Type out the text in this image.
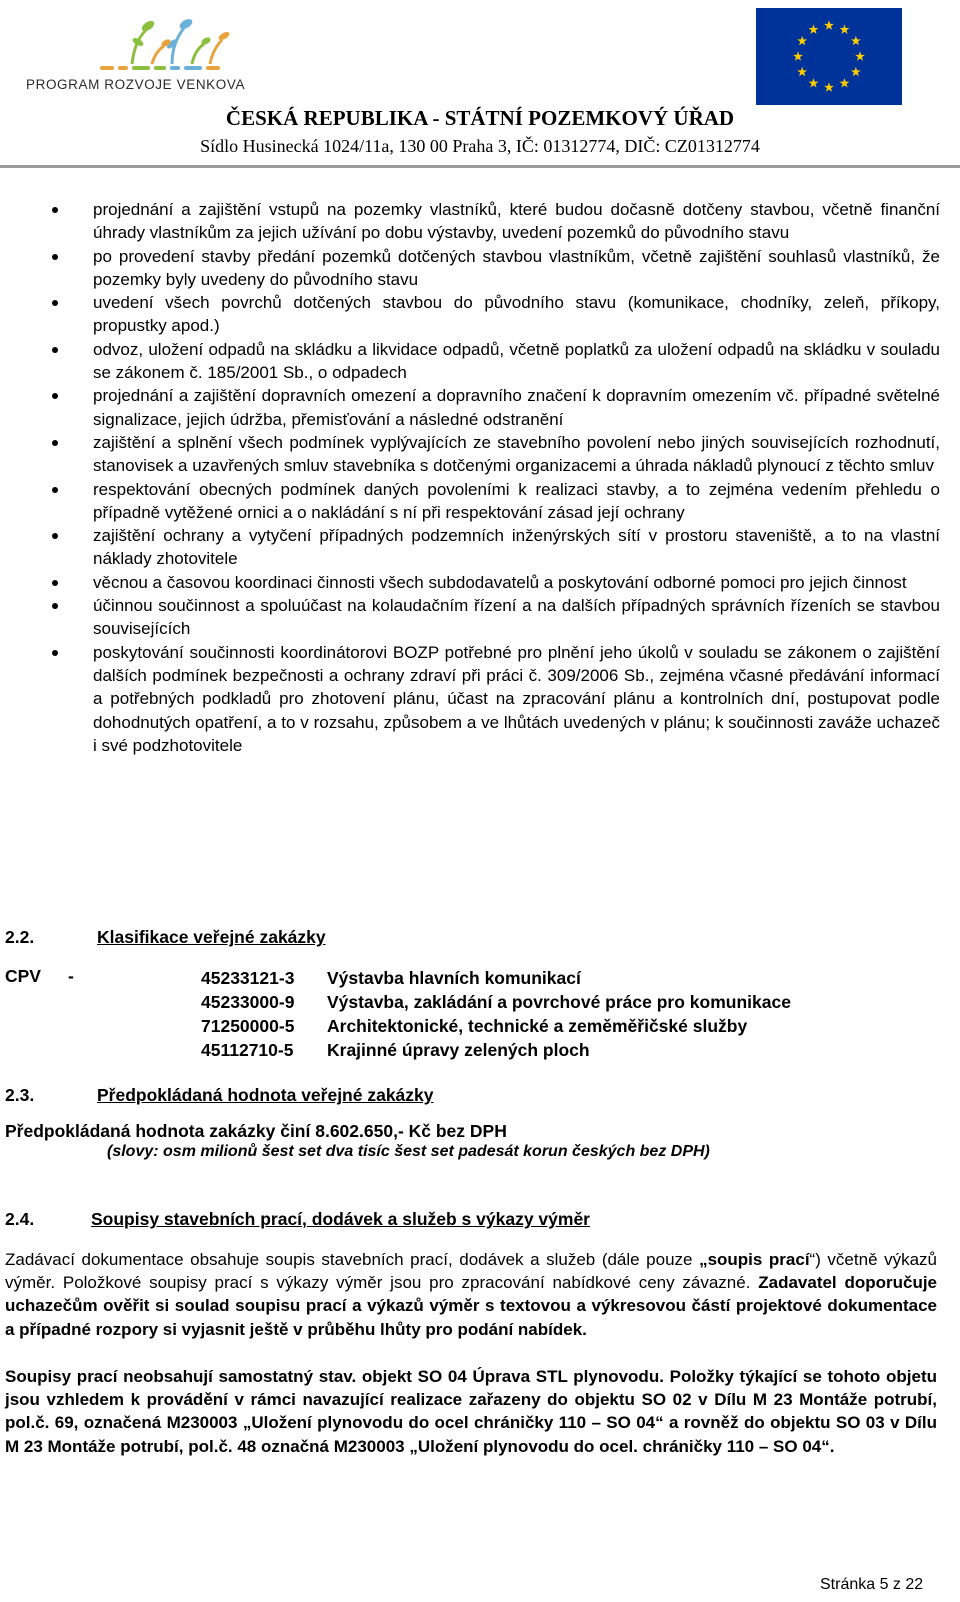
PROGRAM ROZVOJE VENKOVA
ČESKÁ REPUBLIKA - STÁTNÍ POZEMKOVÝ ÚŘAD
Sídlo Husinecká 1024/11a, 130 00 Praha 3, IČ: 01312774, DIČ: CZ01312774
projednání a zajištění vstupů na pozemky vlastníků, které budou dočasně dotčeny stavbou, včetně finanční úhrady vlastníkům za jejich užívání po dobu výstavby, uvedení pozemků do původního stavu
po provedení stavby předání pozemků dotčených stavbou vlastníkům, včetně zajištění souhlasů vlastníků, že pozemky byly uvedeny do původního stavu
uvedení všech povrchů dotčených stavbou do původního stavu (komunikace, chodníky, zeleň, příkopy, propustky apod.)
odvoz, uložení odpadů na skládku a likvidace odpadů, včetně poplatků za uložení odpadů na skládku v souladu se zákonem č. 185/2001 Sb., o odpadech
projednání a zajištění dopravních omezení a dopravního značení k dopravním omezením vč. případné světelné signalizace, jejich údržba, přemisťování a následné odstranění
zajištění a splnění všech podmínek vyplývajících ze stavebního povolení nebo jiných souvisejících rozhodnutí, stanovisek a uzavřených smluv stavebníka s dotčenými organizacemi a úhrada nákladů plynoucí z těchto smluv
respektování obecných podmínek daných povoleními k realizaci stavby, a to zejména vedením přehledu o případně vytěžené ornici a o nakládání s ní při respektování zásad její ochrany
zajištění ochrany a vytyčení případných podzemních inženýrských sítí v prostoru staveniště, a to na vlastní náklady zhotovitele
věcnou a časovou koordinaci činnosti všech subdodavatelů a poskytování odborné pomoci pro jejich činnost
účinnou součinnost a spoluúčast na kolaudačním řízení a na dalších případných správních řízeních se stavbou souvisejících
poskytování součinnosti koordinátorovi BOZP potřebné pro plnění jeho úkolů v souladu se zákonem o zajištění dalších podmínek bezpečnosti a ochrany zdraví při práci č. 309/2006 Sb., zejména včasné předávání informací a potřebných podkladů pro zhotovení plánu, účast na zpracování plánu a kontrolních dní, postupovat podle dohodnutých opatření, a to v rozsahu, způsobem a ve lhůtách uvedených v plánu; k součinnosti zaváže uchazeč i své podzhotovitele
2.2.	Klasifikace veřejné zakázky
CPV -	45233121-3 Výstavba hlavních komunikací
45233000-9 Výstavba, zakládání a povrchové práce pro komunikace
71250000-5 Architektonické, technické a zeměměřičské služby
45112710-5 Krajinné úpravy zelených ploch
2.3.	Předpokládaná hodnota veřejné zakázky
Předpokládaná hodnota zakázky činí 8.602.650,- Kč bez DPH
(slovy: osm milionů šest set dva tisíc šest set padesát korun českých bez DPH)
2.4.	Soupisy stavebních prací, dodávek a služeb s výkazy výměr
Zadávací dokumentace obsahuje soupis stavebních prací, dodávek a služeb (dále pouze „soupis prací“) včetně výkazů výměr. Položkové soupisy prací s výkazy výměr jsou pro zpracování nabídkové ceny závazné. Zadavatel doporučuje uchazečům ověřit si soulad soupisu prací a výkazů výměr s textovou a výkresovou částí projektové dokumentace a případné rozpory si vyjasnit ještě v průběhu lhůty pro podání nabídek.
Soupisy prací neobsahují samostatný stav. objekt SO 04 Úprava STL plynovodu. Položky týkající se tohoto objetu jsou vzhledem k provádění v rámci navazující realizace zařazeny do objektu SO 02 v Dílu M 23 Montáže potrubí, pol.č. 69, označená M230003 „Uložení plynovodu do ocel chráničky 110 – SO 04“ a rovněž do objektu SO 03 v Dílu M 23 Montáže potrubí, pol.č. 48 označná M230003 „Uložení plynovodu do ocel. chráničky 110 – SO 04“.
Stránka 5 z 22
